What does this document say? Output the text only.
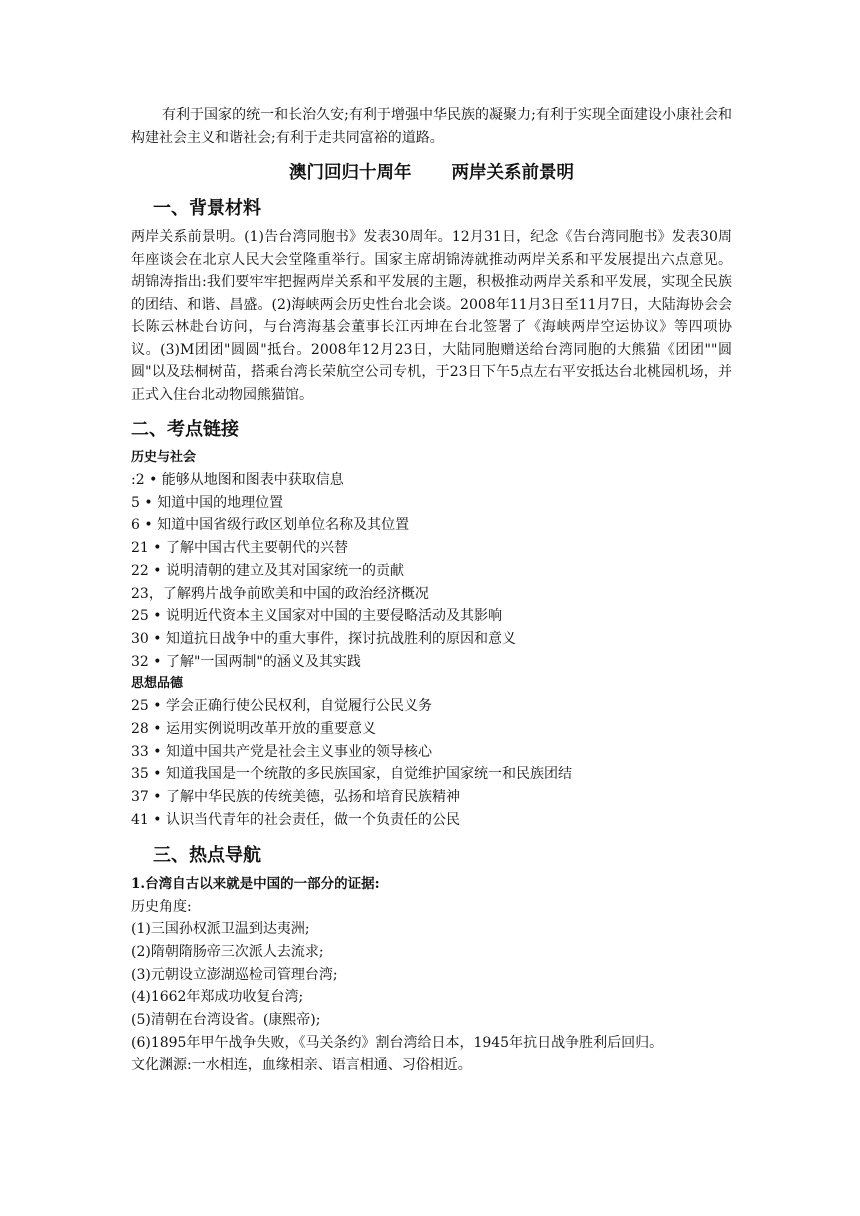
有利于国家的统一和长治久安;有利于增强中华民族的凝聚力;有利于实现全面建设小康社会和构建社会主义和谐社会;有利于走共同富裕的道路。

澳门回归十周年 两岸关系前景明
一、背景材料

两岸关系前景明。(1)告台湾同胞书》发表30周年。12月31日，纪念《告台湾同胞书》发表30周年座谈会在北京人民大会堂隆重举行。国家主席胡锦涛就推动两岸关系和平发展提出六点意见。胡锦涛指出:我们要牢牢把握两岸关系和平发展的主题，积极推动两岸关系和平发展，实现全民族的团结、和谐、昌盛。(2)海峡两会历史性台北会谈。2008年11月3日至11月7日，大陆海协会会长陈云林赴台访问，与台湾海基会董事长江丙坤在台北签署了《海峡两岸空运协议》等四项协议。(3)M团团"圆圆"抵台。2008年12月23日，大陆同胞赠送给台湾同胞的大熊猫《团团""圆圆"以及珐桐树苗，搭乘台湾长荣航空公司专机，于23日下午5点左右平安抵达台北桃园机场，并正式入住台北动物园熊猫馆。

二、考点链接

历史与社会

:2 • 能够从地图和图表中获取信息

5 • 知道中国的地理位置

6 • 知道中国省级行政区划单位名称及其位置

21 • 了解中国古代主要朝代的兴替

22 • 说明清朝的建立及其对国家统一的贡献

23，了解鸦片战争前欧美和中国的政治经济概况

25 • 说明近代资本主义国家对中国的主要侵略活动及其影响

30 • 知道抗日战争中的重大事件，探讨抗战胜利的原因和意义

32 • 了解"一国两制"的涵义及其实践

思想品德

25 • 学会正确行使公民权利，自觉履行公民义务

28 • 运用实例说明改革开放的重要意义

33 • 知道中国共产党是社会主义事业的领导核心

35 • 知道我国是一个统散的多民族国家，自觉维护国家统一和民族团结

37 • 了解中华民族的传统美德，弘扬和培育民族精神

41 • 认识当代青年的社会责任，做一个负责任的公民

三、热点导航

1.台湾自古以来就是中国的一部分的证据:

历史角度:

(1)三国孙权派卫温到达夷洲;

(2)隋朝隋肠帝三次派人去流求;

(3)元朝设立澎湖巡检司管理台湾;

(4)1662年郑成功收复台湾;

(5)清朝在台湾设省。(康熙帝);

(6)1895年甲午战争失败，《马关条约》割台湾给日本，1945年抗日战争胜利后回归。

文化渊源:一水相连，血缘相亲、语言相通、习俗相近。
